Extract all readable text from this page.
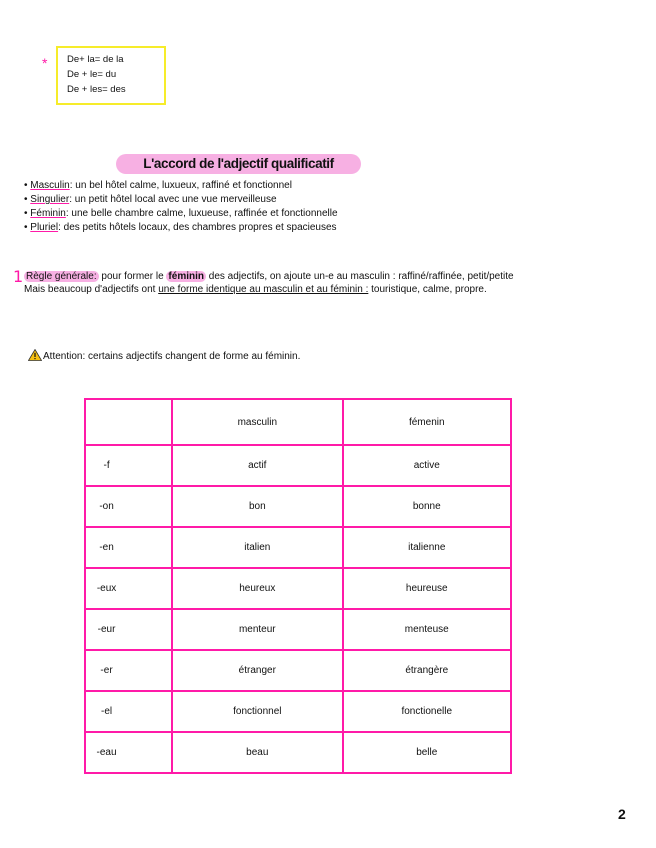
* De+ la= de la
De + le= du
De + les= des
L'accord de l'adjectif qualificatif
• Masculin: un bel hôtel calme, luxueux, raffiné et fonctionnel
• Singulier: un petit hôtel local avec une vue merveilleuse
• Féminin: une belle chambre calme, luxueuse, raffinée et fonctionnelle
• Pluriel: des petits hôtels locaux, des chambres propres et spacieuses
1 Règle générale: pour former le féminin des adjectifs, on ajoute un-e au masculin : raffiné/raffinée, petit/petite
Mais beaucoup d'adjectifs ont une forme identique au masculin et au féminin : touristique, calme, propre.
Attention: certains adjectifs changent de forme au féminin.
	masculin	fémenin
-f	actif	active
-on	bon	bonne
-en	italien	italienne
-eux	heureux	heureuse
-eur	menteur	menteuse
-er	étranger	étrangère
-el	fonctionnel	fonctionelle
-eau	beau	belle
2
